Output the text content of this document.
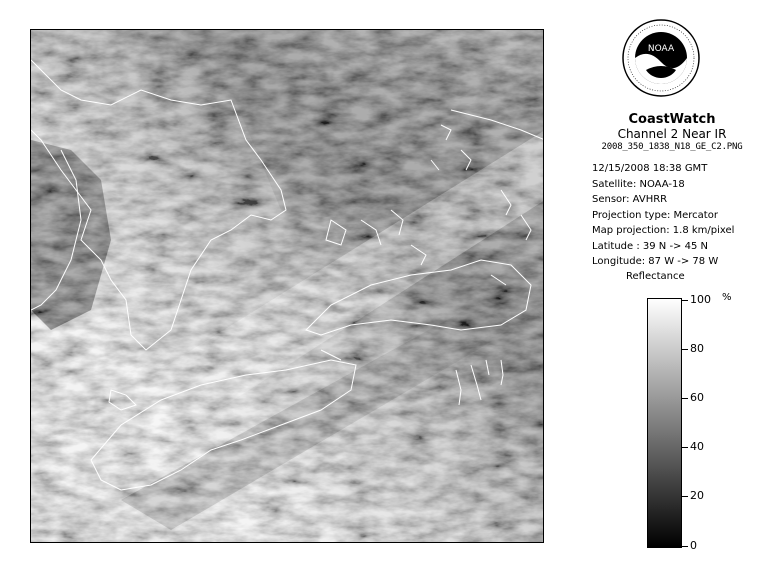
NOAA
CoastWatch
Channel 2 Near IR
2008_350_1838_N18_GE_C2.PNG
12/15/2008 18:38 GMT
Satellite: NOAA-18
Sensor: AVHRR
Projection type: Mercator
Map projection: 1.8 km/pixel
Latitude : 39 N -> 45 N
Longitude: 87 W -> 78 W
Reflectance
%
100
80
60
40
20
0
